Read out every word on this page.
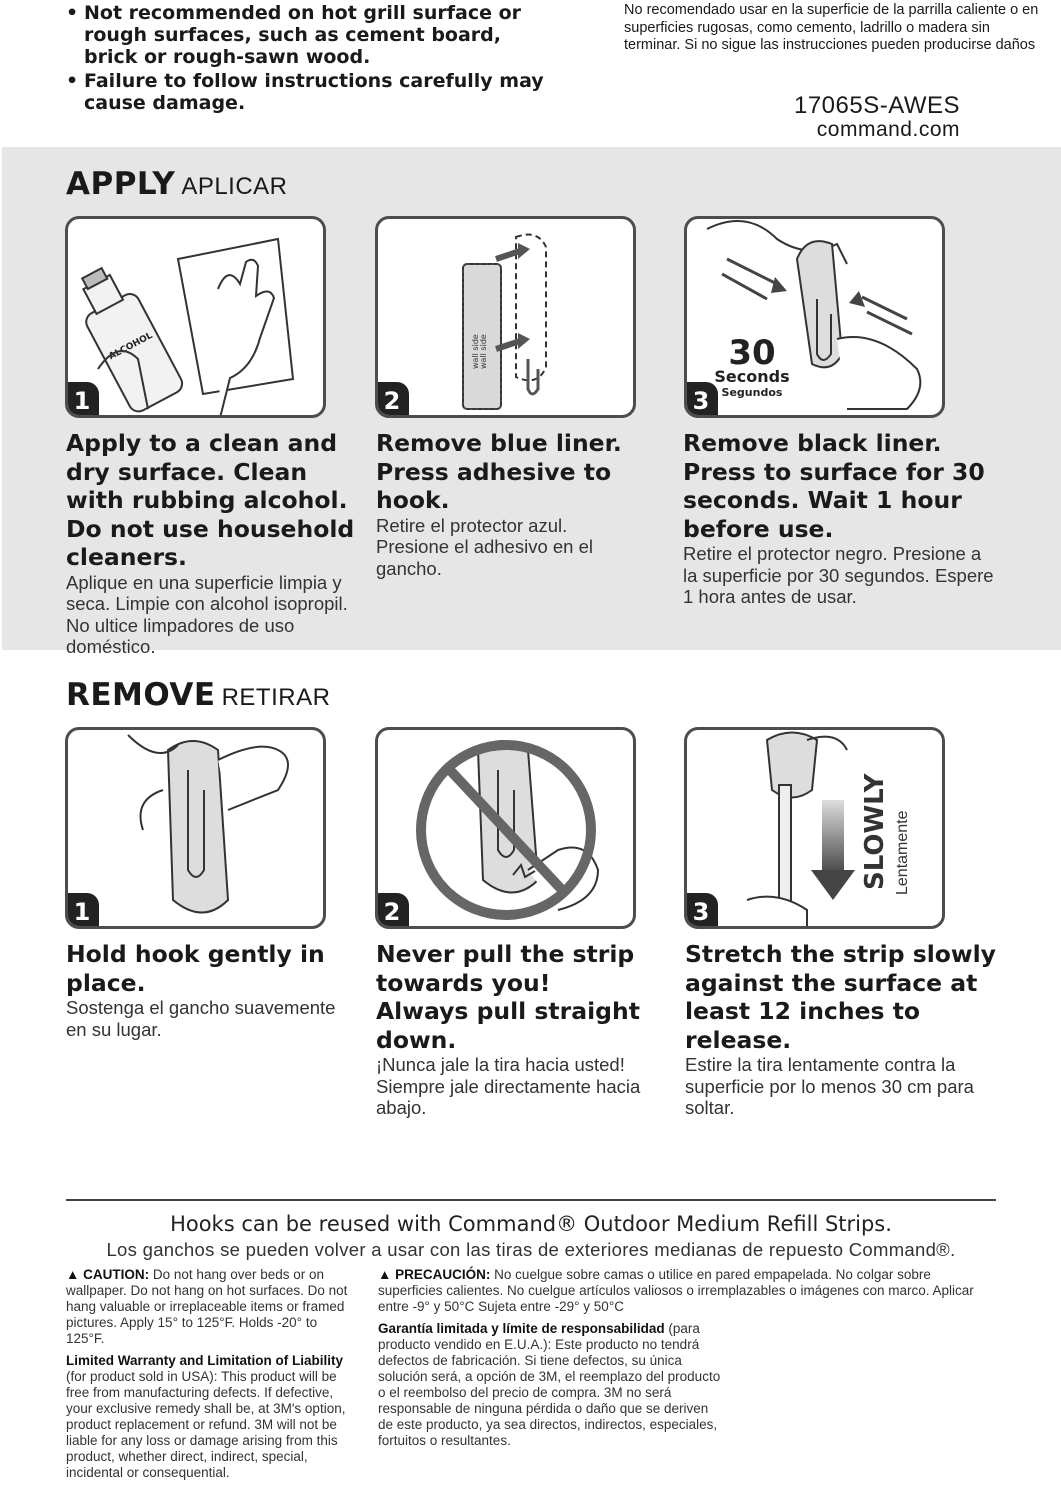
• Not recommended on hot grill surface or rough surfaces, such as cement board, brick or rough-sawn wood.
• Failure to follow instructions carefully may cause damage.
No recomendado usar en la superficie de la parrilla caliente o en superficies rugosas, como cemento, ladrillo o madera sin terminar. Si no sigue las instrucciones pueden producirse daños
17065S-AWES
command.com
APPLY APLICAR
ALCOHOL
1
wall side
wall side
2
30
Seconds
Segundos
3
Apply to a clean and dry surface. Clean with rubbing alcohol. Do not use household cleaners.
Aplique en una superficie limpia y seca. Limpie con alcohol isopropil. No ultice limpadores de uso doméstico.
Remove blue liner. Press adhesive to hook.
Retire el protector azul. Presione el adhesivo en el gancho.
Remove black liner. Press to surface for 30 seconds. Wait 1 hour before use.
Retire el protector negro. Presione a la superficie por 30 segundos. Espere 1 hora antes de usar.
REMOVE RETIRAR
1	2
SLOWLY Lentamente
3
Hold hook gently in place.
Sostenga el gancho suavemente en su lugar.
Never pull the strip towards you! Always pull straight down.
¡Nunca jale la tira hacia usted! Siempre jale directamente hacia abajo.
Stretch the strip slowly against the surface at least 12 inches to release.
Estire la tira lentamente contra la superficie por lo menos 30 cm para soltar.
Hooks can be reused with Command® Outdoor Medium Refill Strips.
Los ganchos se pueden volver a usar con las tiras de exteriores medianas de repuesto Command®.
▲ CAUTION: Do not hang over beds or on wallpaper. Do not hang on hot surfaces. Do not hang valuable or irreplaceable items or framed pictures. Apply 15° to 125°F. Holds -20° to 125°F.
Limited Warranty and Limitation of Liability (for product sold in USA): This product will be free from manufacturing defects. If defective, your exclusive remedy shall be, at 3M's option, product replacement or refund. 3M will not be liable for any loss or damage arising from this product, whether direct, indirect, special, incidental or consequential.
▲ PRECAUCIÓN: No cuelgue sobre camas o utilice en pared empapelada. No colgar sobre superficies calientes. No cuelgue artículos valiosos o irremplazables o imágenes con marco. Aplicar entre -9° y 50°C Sujeta entre -29° y 50°C
Garantía limitada y límite de responsabilidad (para producto vendido en E.U.A.): Este producto no tendrá defectos de fabricación. Si tiene defectos, su única solución será, a opción de 3M, el reemplazo del producto o el reembolso del precio de compra. 3M no será responsable de ninguna pérdida o daño que se deriven de este producto, ya sea directos, indirectos, especiales, fortuitos o resultantes.
